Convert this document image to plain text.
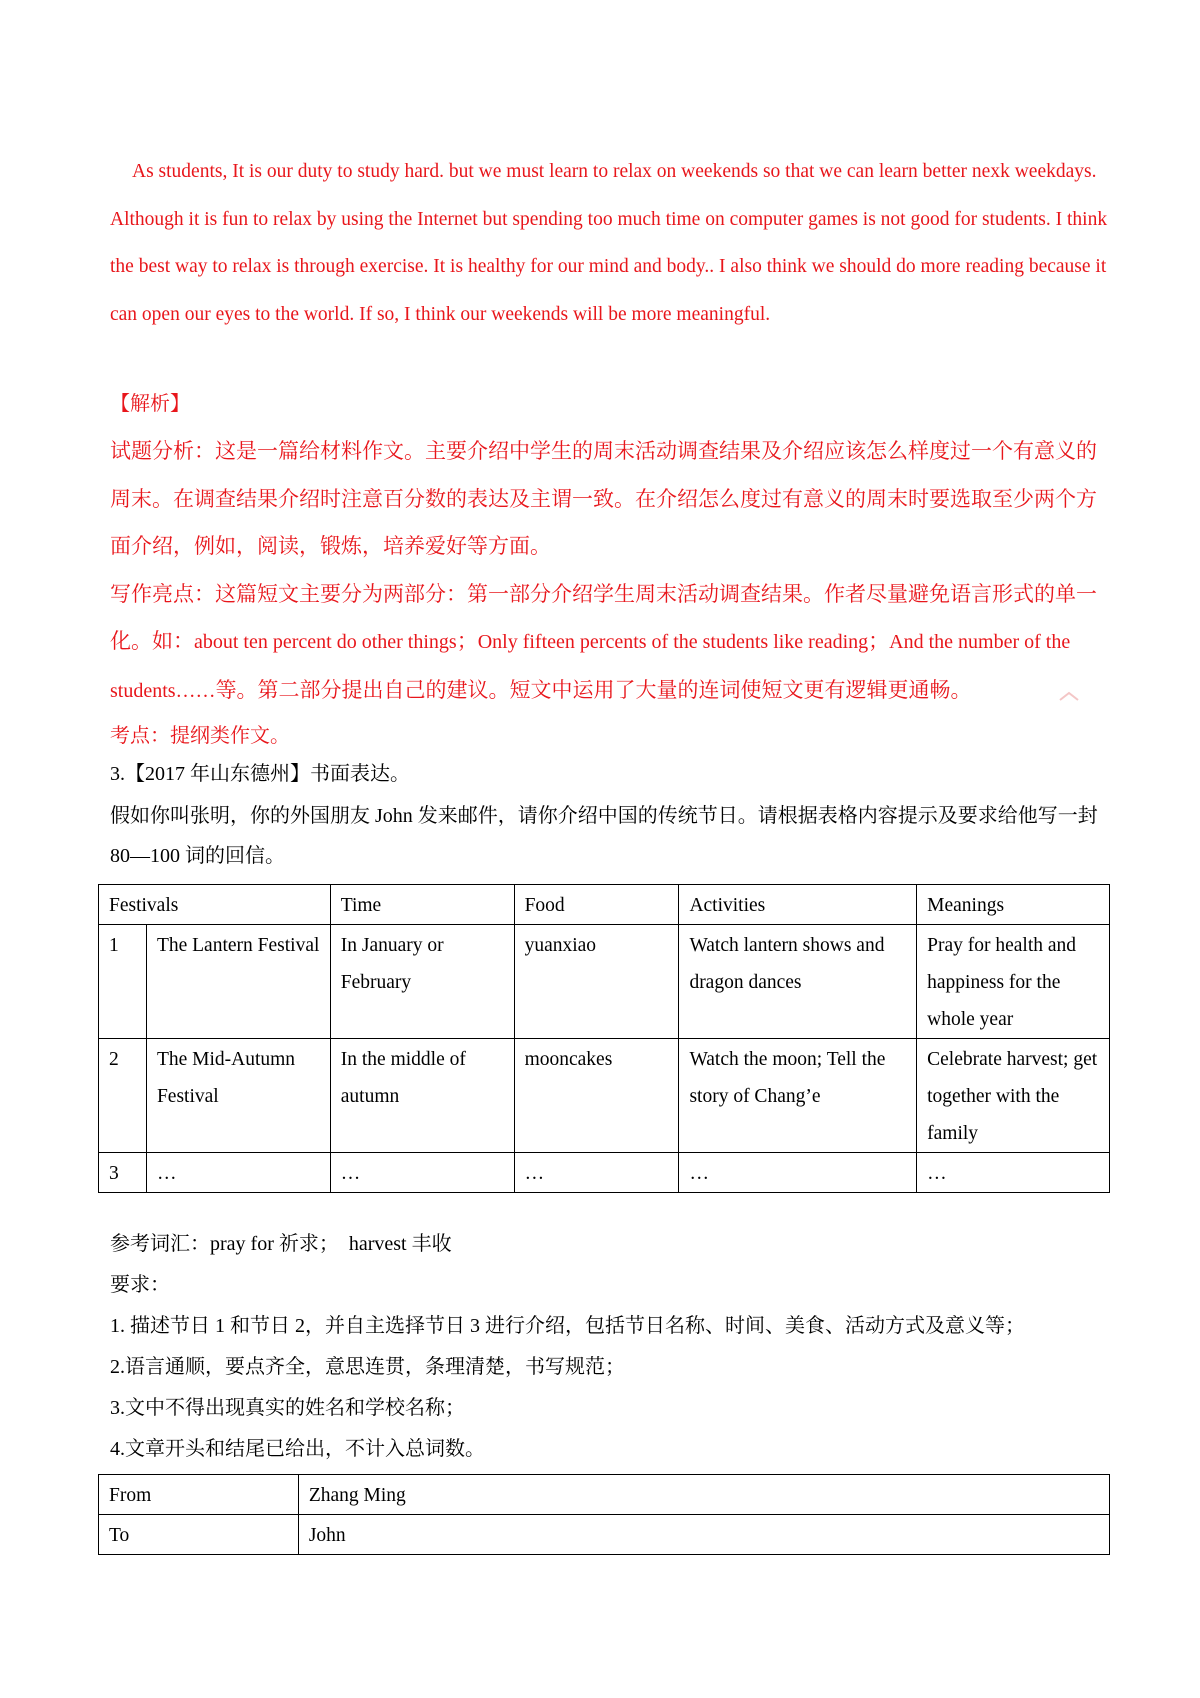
As students, It is our duty to study hard. but we must learn to relax on weekends so that we can learn better nexk weekdays. Although it is fun to relax by using the Internet but spending too much time on computer games is not good for students. I think the best way to relax is through exercise. It is healthy for our mind and body.. I also think we should do more reading because it can open our eyes to the world. If so, I think our weekends will be more meaningful.

【解析】

试题分析：这是一篇给材料作文。主要介绍中学生的周末活动调查结果及介绍应该怎么样度过一个有意义的周末。在调查结果介绍时注意百分数的表达及主谓一致。在介绍怎么度过有意义的周末时要选取至少两个方面介绍，例如，阅读，锻炼，培养爱好等方面。

写作亮点：这篇短文主要分为两部分：第一部分介绍学生周末活动调查结果。作者尽量避免语言形式的单一化。如：about ten percent do other things；Only fifteen percents of the students like reading；And the number of the students……等。第二部分提出自己的建议。短文中运用了大量的连词使短文更有逻辑更通畅。

考点：提纲类作文。
3.【2017 年山东德州】书面表达。

假如你叫张明，你的外国朋友 John 发来邮件，请你介绍中国的传统节日。请根据表格内容提示及要求给他写一封 80—100 词的回信。

Festivals		Time	Food	Activities	Meanings
1	The Lantern Festival	In January or February	yuanxiao	Watch lantern shows and dragon dances	Pray for health and happiness for the whole year
2	The Mid-Autumn Festival	In the middle of autumn	mooncakes	Watch the moon; Tell the story of Chang’e	Celebrate harvest; get together with the family
3	…	…	…	…	…

参考词汇：pray for 祈求；　harvest 丰收

要求：

1. 描述节日 1 和节日 2，并自主选择节日 3 进行介绍，包括节日名称、时间、美食、活动方式及意义等；

2.语言通顺，要点齐全，意思连贯，条理清楚，书写规范；

3.文中不得出现真实的姓名和学校名称；

4.文章开头和结尾已给出，不计入总词数。

From	Zhang Ming
To	John
